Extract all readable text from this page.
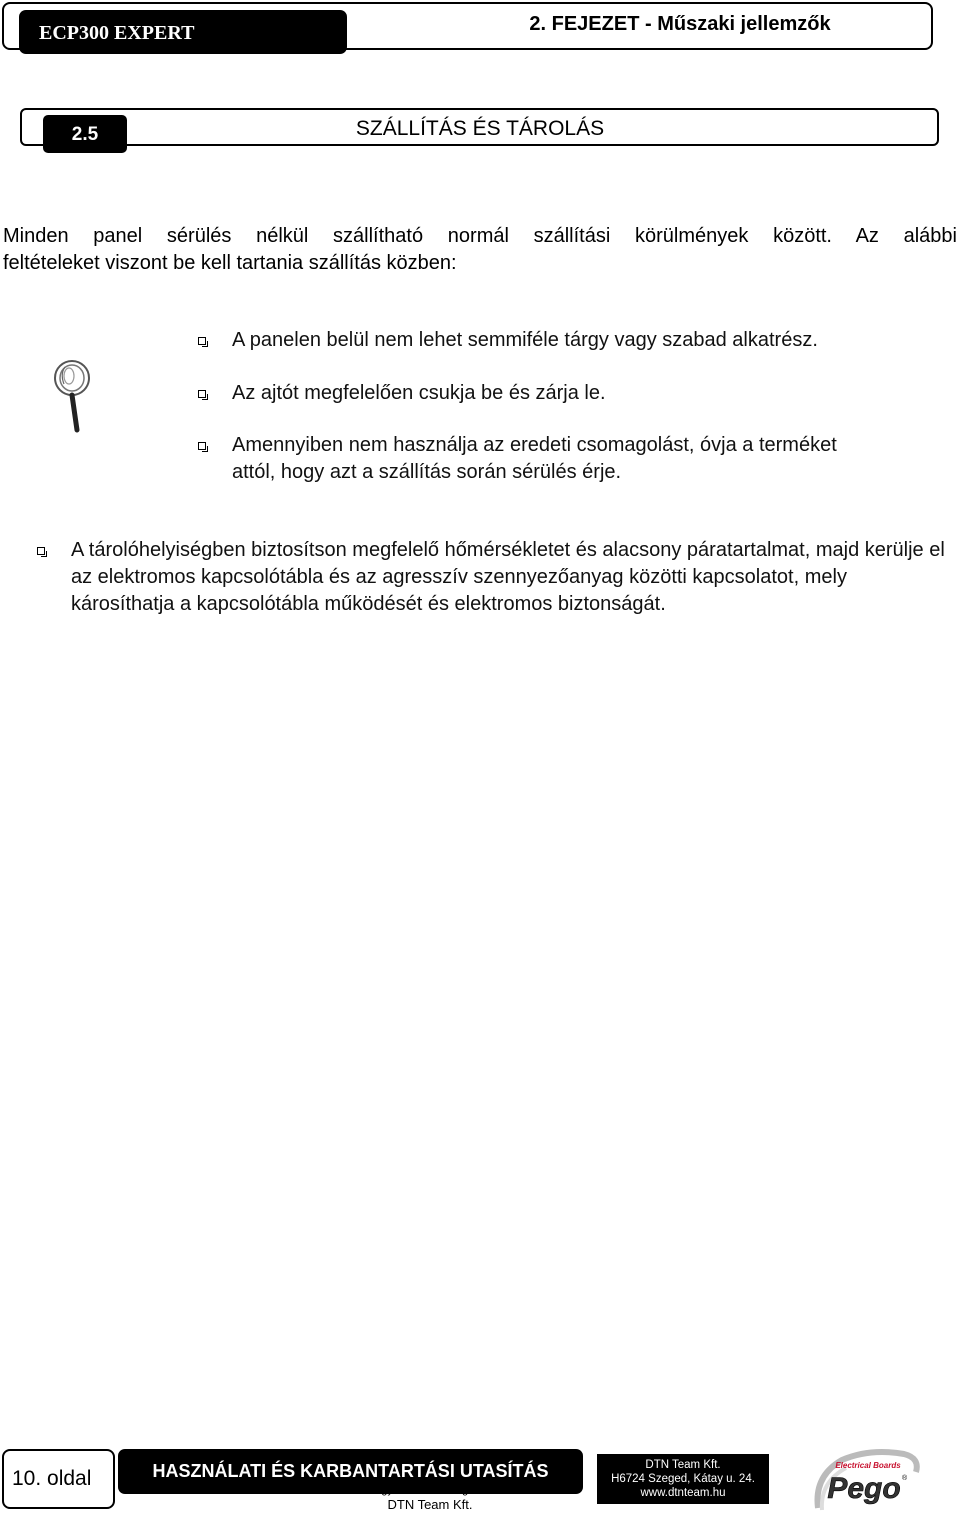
ECP300 EXPERT	2. FEJEZET - Műszaki jellemzők
2.5	SZÁLLÍTÁS ÉS TÁROLÁS
Minden panel sérülés nélkül szállítható normál szállítási körülmények között. Az alábbi
feltételeket viszont be kell tartania szállítás közben:
A panelen belül nem lehet semmiféle tárgy vagy szabad alkatrész.
Az ajtót megfelelően csukja be és zárja le.
Amennyiben nem használja az eredeti csomagolást, óvja a terméket attól, hogy azt a szállítás során sérülés érje.
A tárolóhelyiségben biztosítson megfelelő hőmérsékletet és alacsony páratartalmat, majd kerülje el az elektromos kapcsolótábla és az agresszív szennyezőanyag közötti kapcsolatot, mely károsíthatja a kapcsolótábla működését és elektromos biztonságát.
10. oldal	HASZNÁLATI ÉS KARBANTARTÁSI UTASÍTÁS
Magyar fordítás: Pego Kft.
DTN Team Kft.
DTN Team Kft.
H6724 Szeged, Kátay u. 24.
www.dtnteam.hu
Electrical Boards
Pego ®
